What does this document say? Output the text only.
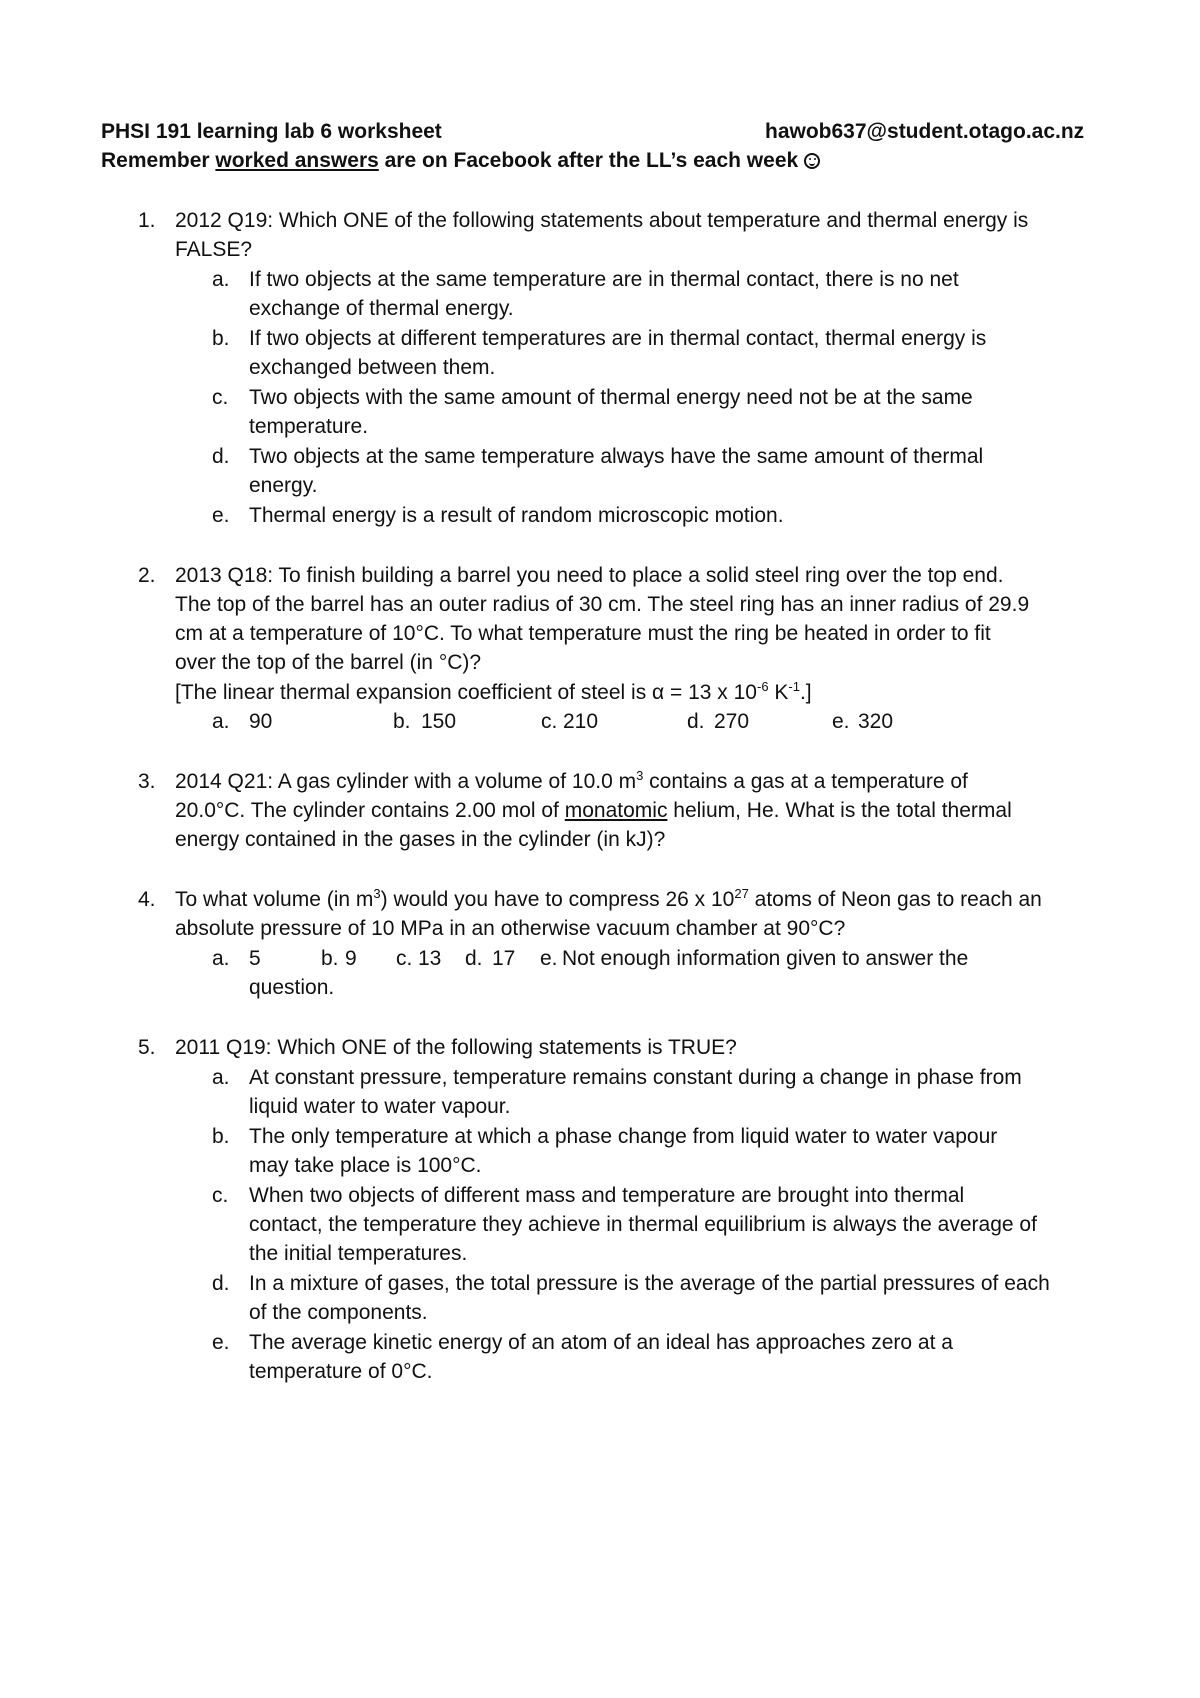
PHSI 191 learning lab 6 worksheet	hawob637@student.otago.ac.nz
Remember worked answers are on Facebook after the LL’s each week
1. 2012 Q19: Which ONE of the following statements about temperature and thermal energy is
FALSE?
a. If two objects at the same temperature are in thermal contact, there is no net
exchange of thermal energy.
b. If two objects at different temperatures are in thermal contact, thermal energy is
exchanged between them.
c. Two objects with the same amount of thermal energy need not be at the same
temperature.
d. Two objects at the same temperature always have the same amount of thermal
energy.
e. Thermal energy is a result of random microscopic motion.
2. 2013 Q18: To finish building a barrel you need to place a solid steel ring over the top end.
The top of the barrel has an outer radius of 30 cm. The steel ring has an inner radius of 29.9
cm at a temperature of 10°C. To what temperature must the ring be heated in order to fit
over the top of the barrel (in °C)?
[The linear thermal expansion coefficient of steel is α = 13 x $10^{-6}$ $K^{-1}$.]
a. 90	b. 150	c. 210	d. 270	e. 320
3. 2014 Q21: A gas cylinder with a volume of 10.0 $m^3$ contains a gas at a temperature of
20.0°C. The cylinder contains 2.00 mol of monatomic helium, He. What is the total thermal
energy contained in the gases in the cylinder (in kJ)?
4. To what volume (in $m^3$) would you have to compress 26 x $10^{27}$ atoms of Neon gas to reach an
absolute pressure of 10 MPa in an otherwise vacuum chamber at 90°C?
a. 5	b. 9 c. 13 d. 17 e. Not enough information given to answer the
question.
5. 2011 Q19: Which ONE of the following statements is TRUE?
a. At constant pressure, temperature remains constant during a change in phase from
liquid water to water vapour.
b. The only temperature at which a phase change from liquid water to water vapour
may take place is 100°C.
c. When two objects of different mass and temperature are brought into thermal
contact, the temperature they achieve in thermal equilibrium is always the average of
the initial temperatures.
d. In a mixture of gases, the total pressure is the average of the partial pressures of each
of the components.
e. The average kinetic energy of an atom of an ideal has approaches zero at a
temperature of 0°C.
